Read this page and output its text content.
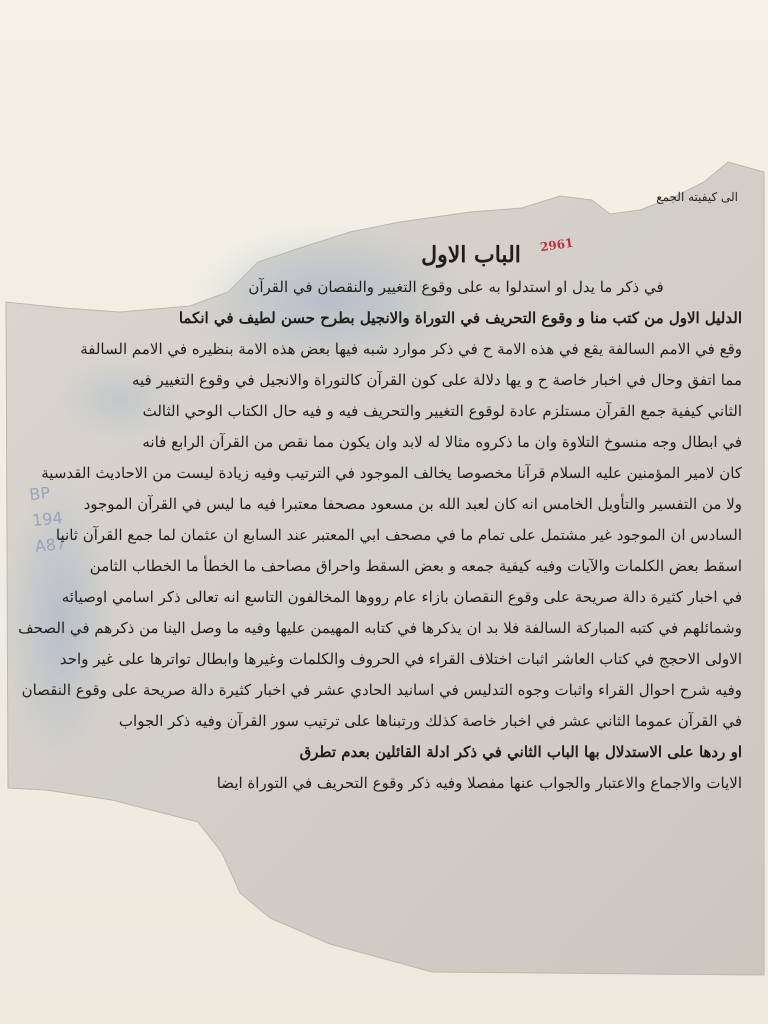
الى كيفيته الجمع
2961
BP
194
A87
الباب الاول
في ذكر ما يدل او استدلوا به على وقوع التغيير والنقصان في القرآن
الدليل الاول من كتب منا و وقوع التحريف في التوراة والانجيل بطرح حسن لطيف في انكما
وقع في الامم السالفة يقع في هذه الامة ح في ذكر موارد شبه فيها بعض هذه الامة بنظيره في الامم السالفة
مما اتفق وحال في اخبار خاصة ح و يها دلالة على كون القرآن كالتوراة والانجيل في وقوع التغيير فيه
الثاني كيفية جمع القرآن مستلزم عادة لوقوع التغيير والتحريف فيه و فيه حال الكتاب الوحي الثالث
في ابطال وجه منسوخ التلاوة وان ما ذكروه مثالا له لابد وان يكون مما نقص من القرآن الرابع فانه
كان لامير المؤمنين عليه السلام قرآنا مخصوصا يخالف الموجود في الترتيب وفيه زيادة ليست من الاحاديث القدسية
ولا من التفسير والتأويل الخامس انه كان لعبد الله بن مسعود مصحفا معتبرا فيه ما ليس في القرآن الموجود
السادس ان الموجود غير مشتمل على تمام ما في مصحف ابي المعتبر عند السابع ان عثمان لما جمع القرآن ثانيا
اسقط بعض الكلمات والآيات وفيه كيفية جمعه و بعض السقط واحراق مصاحف ما الخطأ ما الخطاب الثامن
في اخبار كثيرة دالة صريحة على وقوع النقصان بازاء عام رووها المخالفون التاسع انه تعالى ذكر اسامي اوصيائه
وشمائلهم في كتبه المباركة السالفة فلا بد ان يذكرها في كتابه المهيمن عليها وفيه ما وصل الينا من ذكرهم في الصحف
الاولى الاحجج في كتاب العاشر اثبات اختلاف القراء في الحروف والكلمات وغيرها وابطال تواترها على غير واحد
وفيه شرح احوال القراء واثبات وجوه التدليس في اسانيد الحادي عشر في اخبار كثيرة دالة صريحة على وقوع النقصان
في القرآن عموما الثاني عشر في اخبار خاصة كذلك ورتبناها على ترتيب سور القرآن وفيه ذكر الجواب
او ردها على الاستدلال بها الباب الثاني في ذكر ادلة القائلين بعدم تطرق
الايات والاجماع والاعتبار والجواب عنها مفصلا وفيه ذكر وقوع التحريف في التوراة ايضا
